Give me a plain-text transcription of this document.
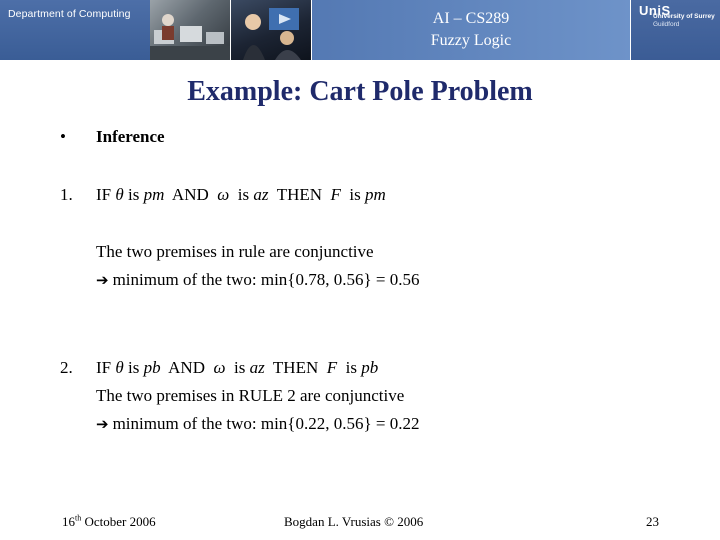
Department of Computing	AI – CS289
Fuzzy Logic
UniS
University of Surrey
Guildford
Example: Cart Pole Problem
• Inference
1. IF θ is pm AND ω is az THEN F is pm
The two premises in rule are conjunctive
➔ minimum of the two: min{0.78, 0.56} = 0.56
2. IF θ is pb AND ω is az THEN F is pb
The two premises in RULE 2 are conjunctive
➔ minimum of the two: min{0.22, 0.56} = 0.22
16th October 2006	Bogdan L. Vrusias © 2006	23
